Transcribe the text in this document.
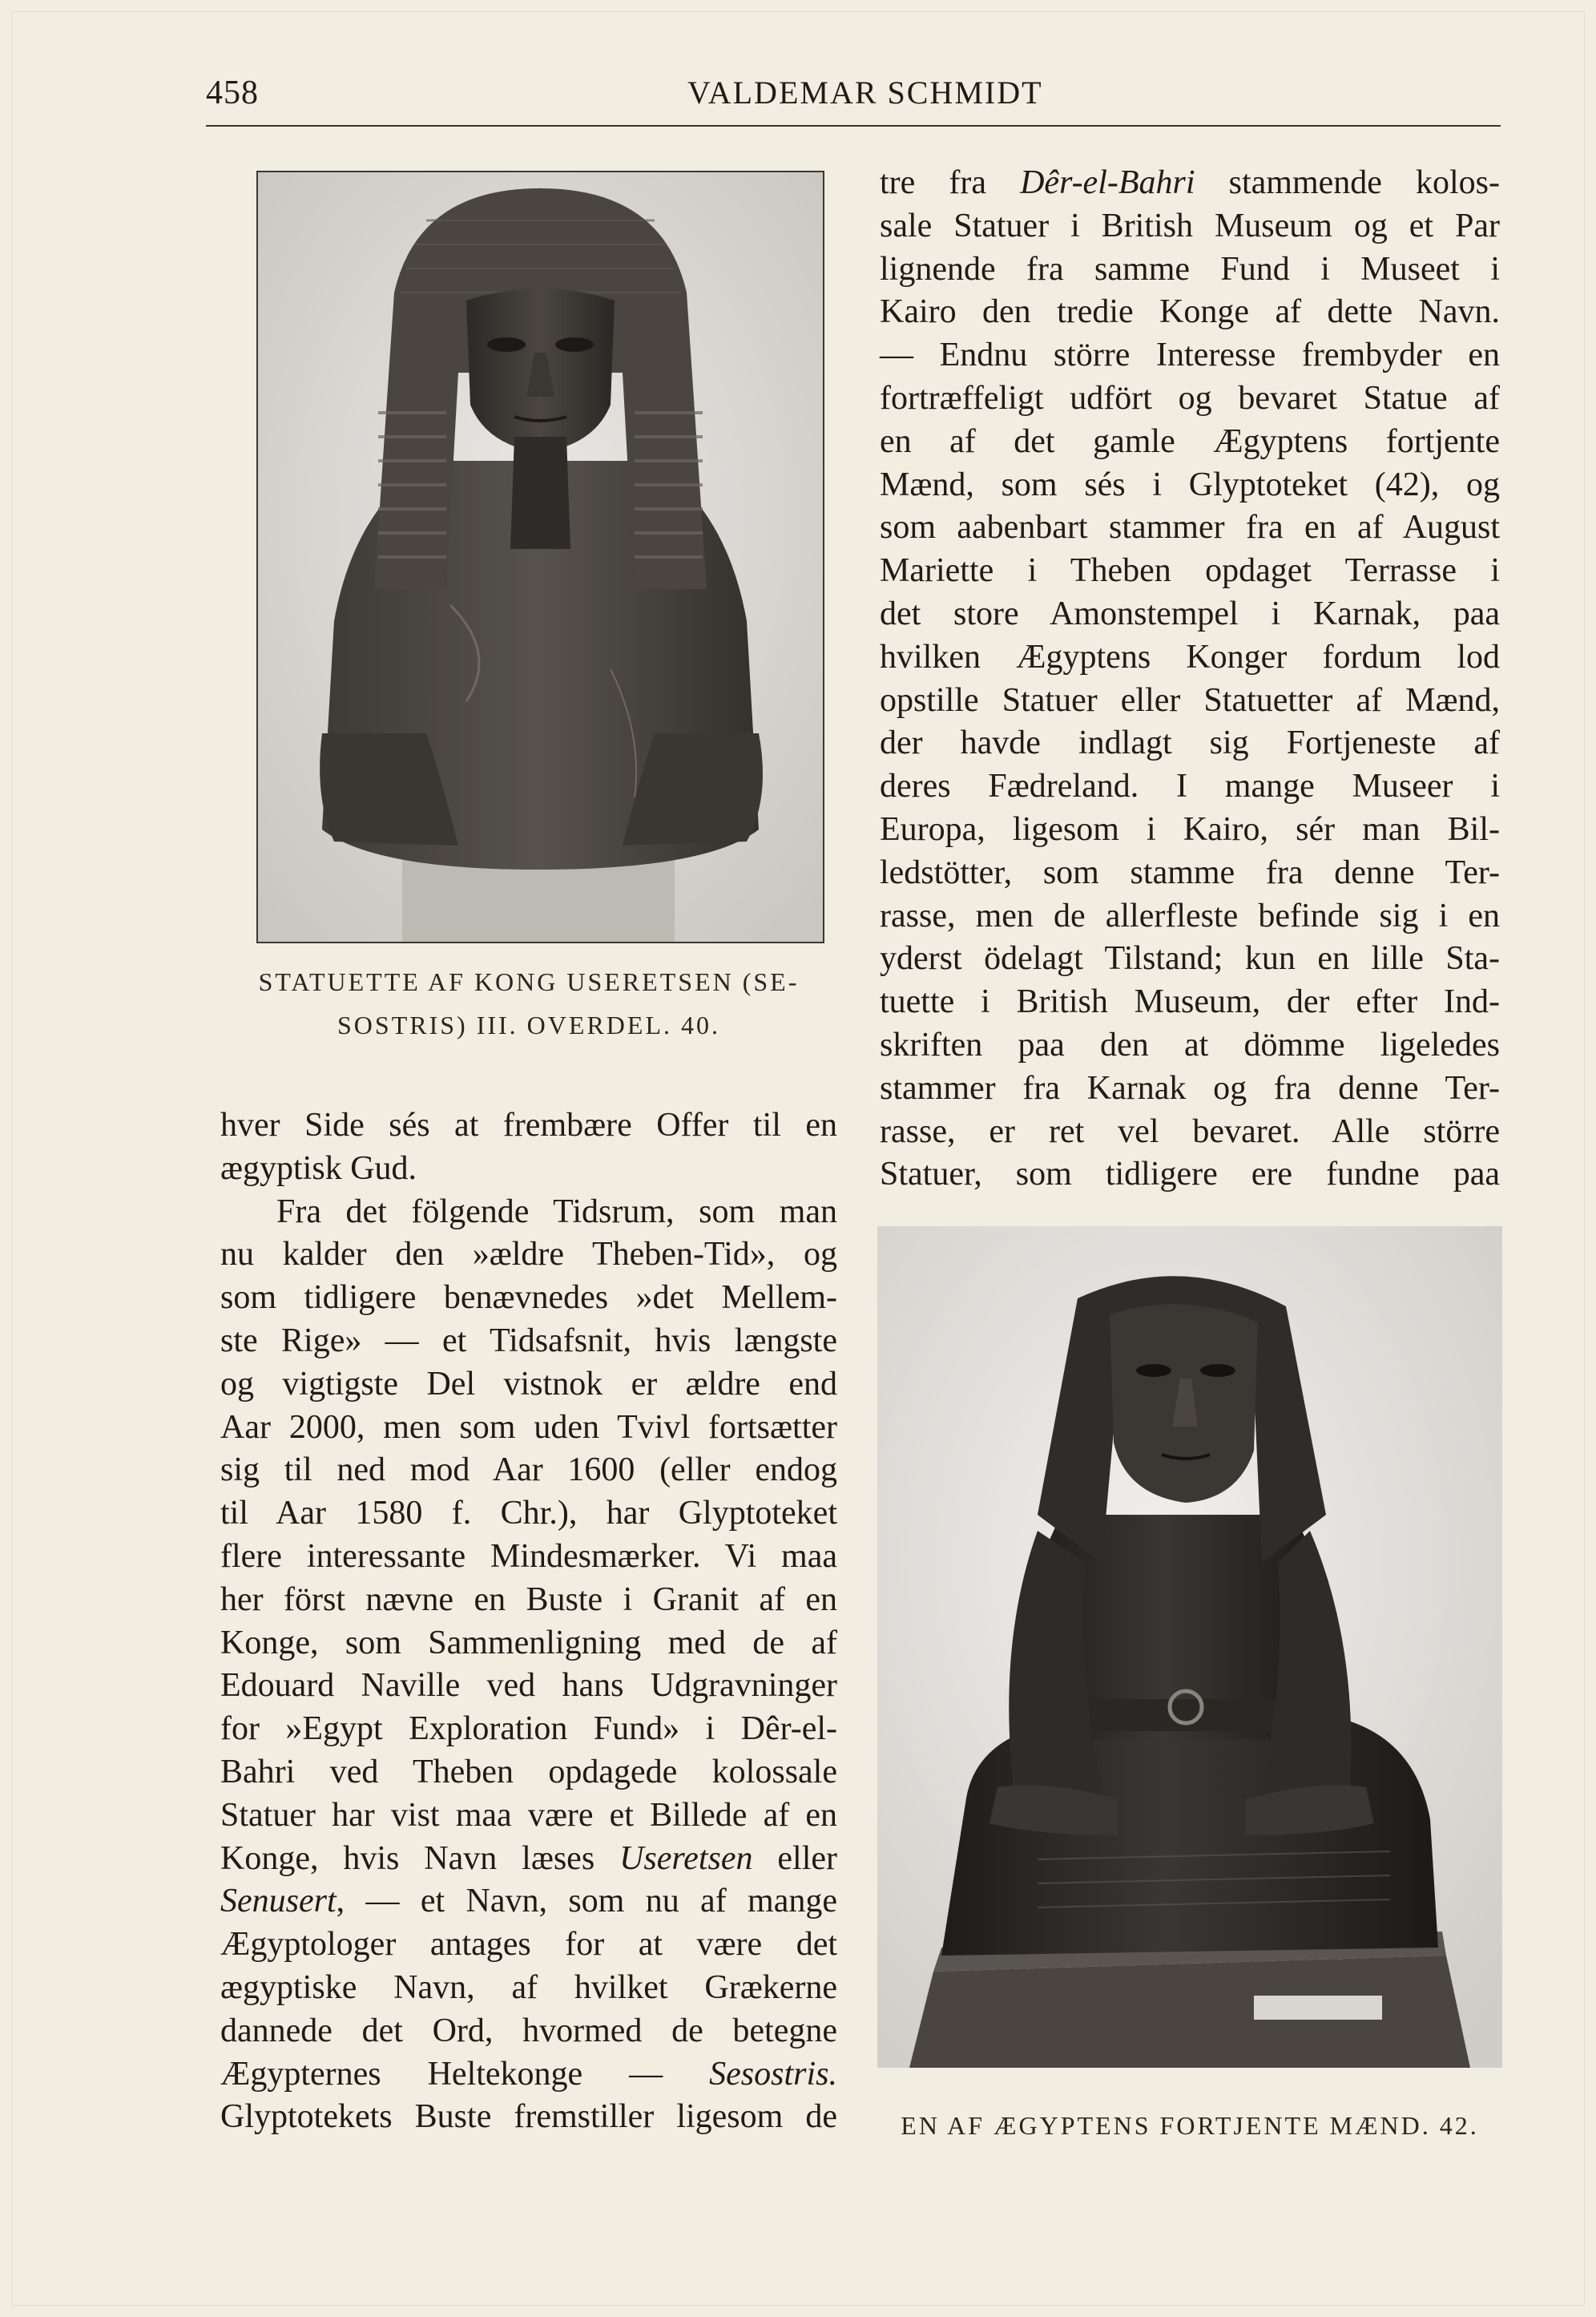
458	VALDEMAR SCHMIDT
STATUETTE AF KONG USERETSEN (SE-
SOSTRIS) III. OVERDEL. 40.
hver Side sés at frembære Offer til en
ægyptisk Gud.
Fra det fölgende Tidsrum, som man
nu kalder den »ældre Theben-Tid», og
som tidligere benævnedes »det Mellem-
ste Rige» — et Tidsafsnit, hvis længste
og vigtigste Del vistnok er ældre end
Aar 2000, men som uden Tvivl fortsætter
sig til ned mod Aar 1600 (eller endog
til Aar 1580 f. Chr.), har Glyptoteket
flere interessante Mindesmærker. Vi maa
her först nævne en Buste i Granit af en
Konge, som Sammenligning med de af
Edouard Naville ved hans Udgravninger
for »Egypt Exploration Fund» i Dêr-el-
Bahri ved Theben opdagede kolossale
Statuer har vist maa være et Billede af en
Konge, hvis Navn læses Useretsen eller
Senusert, — et Navn, som nu af mange
Ægyptologer antages for at være det
ægyptiske Navn, af hvilket Grækerne
dannede det Ord, hvormed de betegne
Ægypternes Heltekonge — Sesostris.
Glyptotekets Buste fremstiller ligesom de
tre fra Dêr-el-Bahri stammende kolos-
sale Statuer i British Museum og et Par
lignende fra samme Fund i Museet i
Kairo den tredie Konge af dette Navn.
— Endnu större Interesse frembyder en
fortræffeligt udfört og bevaret Statue af
en af det gamle Ægyptens fortjente
Mænd, som sés i Glyptoteket (42), og
som aabenbart stammer fra en af August
Mariette i Theben opdaget Terrasse i
det store Amonstempel i Karnak, paa
hvilken Ægyptens Konger fordum lod
opstille Statuer eller Statuetter af Mænd,
der havde indlagt sig Fortjeneste af
deres Fædreland. I mange Museer i
Europa, ligesom i Kairo, sér man Bil-
ledstötter, som stamme fra denne Ter-
rasse, men de allerfleste befinde sig i en
yderst ödelagt Tilstand; kun en lille Sta-
tuette i British Museum, der efter Ind-
skriften paa den at dömme ligeledes
stammer fra Karnak og fra denne Ter-
rasse, er ret vel bevaret. Alle större
Statuer, som tidligere ere fundne paa
EN AF ÆGYPTENS FORTJENTE MÆND. 42.
